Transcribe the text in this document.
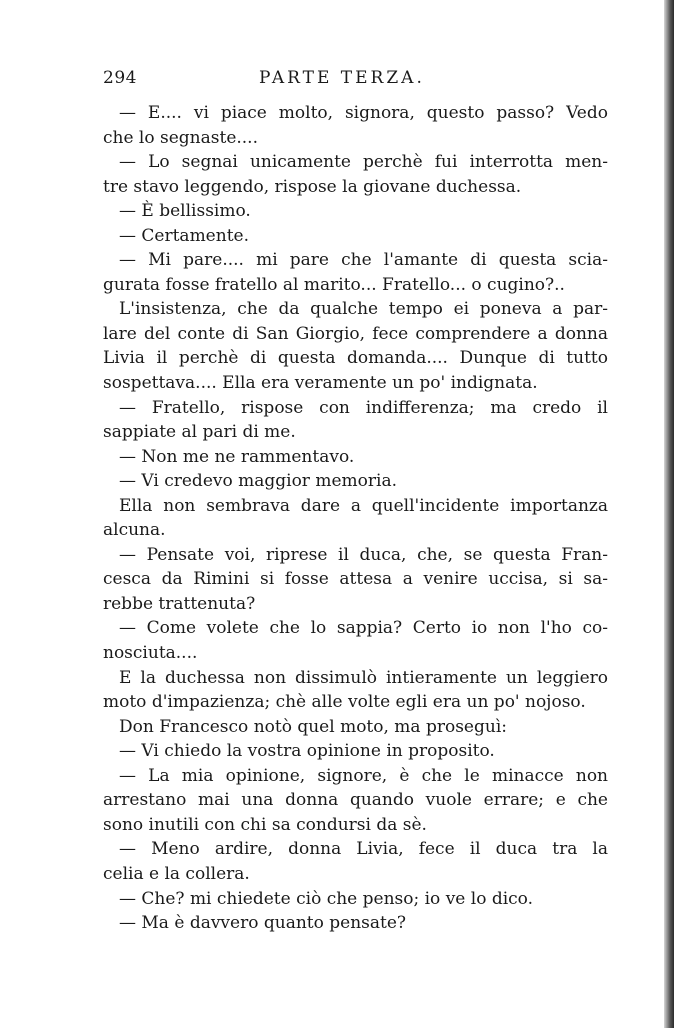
294	PARTE TERZA.
— E.... vi piace molto, signora, questo passo? Vedo
che lo segnaste....
— Lo segnai unicamente perchè fui interrotta men-
tre stavo leggendo, rispose la giovane duchessa.
— È bellissimo.
— Certamente.
— Mi pare.... mi pare che l'amante di questa scia-
gurata fosse fratello al marito... Fratello... o cugino?..
L'insistenza, che da qualche tempo ei poneva a par-
lare del conte di San Giorgio, fece comprendere a donna
Livia il perchè di questa domanda.... Dunque di tutto
sospettava.... Ella era veramente un po' indignata.
— Fratello, rispose con indifferenza; ma credo il
sappiate al pari di me.
— Non me ne rammentavo.
— Vi credevo maggior memoria.
Ella non sembrava dare a quell'incidente importanza
alcuna.
— Pensate voi, riprese il duca, che, se questa Fran-
cesca da Rimini si fosse attesa a venire uccisa, si sa-
rebbe trattenuta?
— Come volete che lo sappia? Certo io non l'ho co-
nosciuta....
E la duchessa non dissimulò intieramente un leggiero
moto d'impazienza; chè alle volte egli era un po' nojoso.
Don Francesco notò quel moto, ma proseguì:
— Vi chiedo la vostra opinione in proposito.
— La mia opinione, signore, è che le minacce non
arrestano mai una donna quando vuole errare; e che
sono inutili con chi sa condursi da sè.
— Meno ardire, donna Livia, fece il duca tra la
celia e la collera.
— Che? mi chiedete ciò che penso; io ve lo dico.
— Ma è davvero quanto pensate?
